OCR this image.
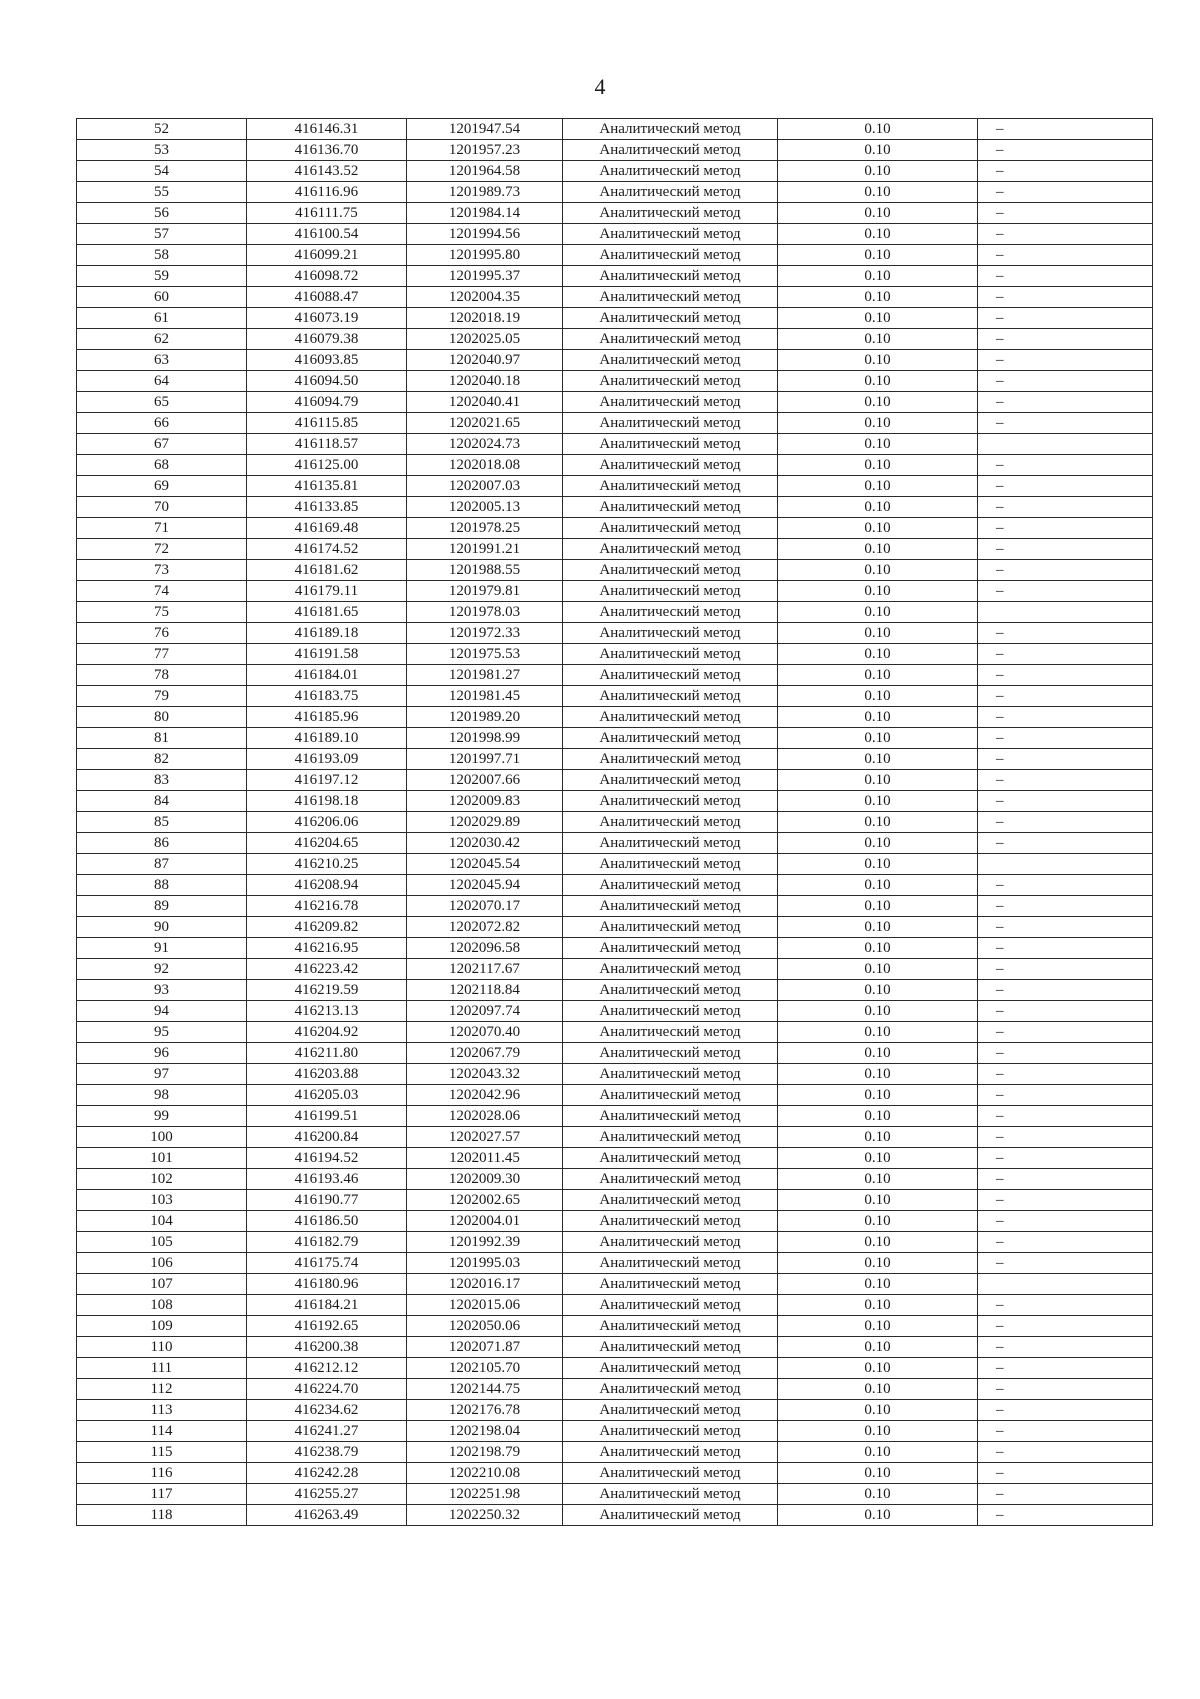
4
52	416146.31	1201947.54	Аналитический метод	0.10	–
53	416136.70	1201957.23	Аналитический метод	0.10	–
54	416143.52	1201964.58	Аналитический метод	0.10	–
55	416116.96	1201989.73	Аналитический метод	0.10	–
56	416111.75	1201984.14	Аналитический метод	0.10	–
57	416100.54	1201994.56	Аналитический метод	0.10	–
58	416099.21	1201995.80	Аналитический метод	0.10	–
59	416098.72	1201995.37	Аналитический метод	0.10	–
60	416088.47	1202004.35	Аналитический метод	0.10	–
61	416073.19	1202018.19	Аналитический метод	0.10	–
62	416079.38	1202025.05	Аналитический метод	0.10	–
63	416093.85	1202040.97	Аналитический метод	0.10	–
64	416094.50	1202040.18	Аналитический метод	0.10	–
65	416094.79	1202040.41	Аналитический метод	0.10	–
66	416115.85	1202021.65	Аналитический метод	0.10	–
67	416118.57	1202024.73	Аналитический метод	0.10	
68	416125.00	1202018.08	Аналитический метод	0.10	–
69	416135.81	1202007.03	Аналитический метод	0.10	–
70	416133.85	1202005.13	Аналитический метод	0.10	–
71	416169.48	1201978.25	Аналитический метод	0.10	–
72	416174.52	1201991.21	Аналитический метод	0.10	–
73	416181.62	1201988.55	Аналитический метод	0.10	–
74	416179.11	1201979.81	Аналитический метод	0.10	–
75	416181.65	1201978.03	Аналитический метод	0.10	
76	416189.18	1201972.33	Аналитический метод	0.10	–
77	416191.58	1201975.53	Аналитический метод	0.10	–
78	416184.01	1201981.27	Аналитический метод	0.10	–
79	416183.75	1201981.45	Аналитический метод	0.10	–
80	416185.96	1201989.20	Аналитический метод	0.10	–
81	416189.10	1201998.99	Аналитический метод	0.10	–
82	416193.09	1201997.71	Аналитический метод	0.10	–
83	416197.12	1202007.66	Аналитический метод	0.10	–
84	416198.18	1202009.83	Аналитический метод	0.10	–
85	416206.06	1202029.89	Аналитический метод	0.10	–
86	416204.65	1202030.42	Аналитический метод	0.10	–
87	416210.25	1202045.54	Аналитический метод	0.10	
88	416208.94	1202045.94	Аналитический метод	0.10	–
89	416216.78	1202070.17	Аналитический метод	0.10	–
90	416209.82	1202072.82	Аналитический метод	0.10	–
91	416216.95	1202096.58	Аналитический метод	0.10	–
92	416223.42	1202117.67	Аналитический метод	0.10	–
93	416219.59	1202118.84	Аналитический метод	0.10	–
94	416213.13	1202097.74	Аналитический метод	0.10	–
95	416204.92	1202070.40	Аналитический метод	0.10	–
96	416211.80	1202067.79	Аналитический метод	0.10	–
97	416203.88	1202043.32	Аналитический метод	0.10	–
98	416205.03	1202042.96	Аналитический метод	0.10	–
99	416199.51	1202028.06	Аналитический метод	0.10	–
100	416200.84	1202027.57	Аналитический метод	0.10	–
101	416194.52	1202011.45	Аналитический метод	0.10	–
102	416193.46	1202009.30	Аналитический метод	0.10	–
103	416190.77	1202002.65	Аналитический метод	0.10	–
104	416186.50	1202004.01	Аналитический метод	0.10	–
105	416182.79	1201992.39	Аналитический метод	0.10	–
106	416175.74	1201995.03	Аналитический метод	0.10	–
107	416180.96	1202016.17	Аналитический метод	0.10	
108	416184.21	1202015.06	Аналитический метод	0.10	–
109	416192.65	1202050.06	Аналитический метод	0.10	–
110	416200.38	1202071.87	Аналитический метод	0.10	–
111	416212.12	1202105.70	Аналитический метод	0.10	–
112	416224.70	1202144.75	Аналитический метод	0.10	–
113	416234.62	1202176.78	Аналитический метод	0.10	–
114	416241.27	1202198.04	Аналитический метод	0.10	–
115	416238.79	1202198.79	Аналитический метод	0.10	–
116	416242.28	1202210.08	Аналитический метод	0.10	–
117	416255.27	1202251.98	Аналитический метод	0.10	–
118	416263.49	1202250.32	Аналитический метод	0.10	–
